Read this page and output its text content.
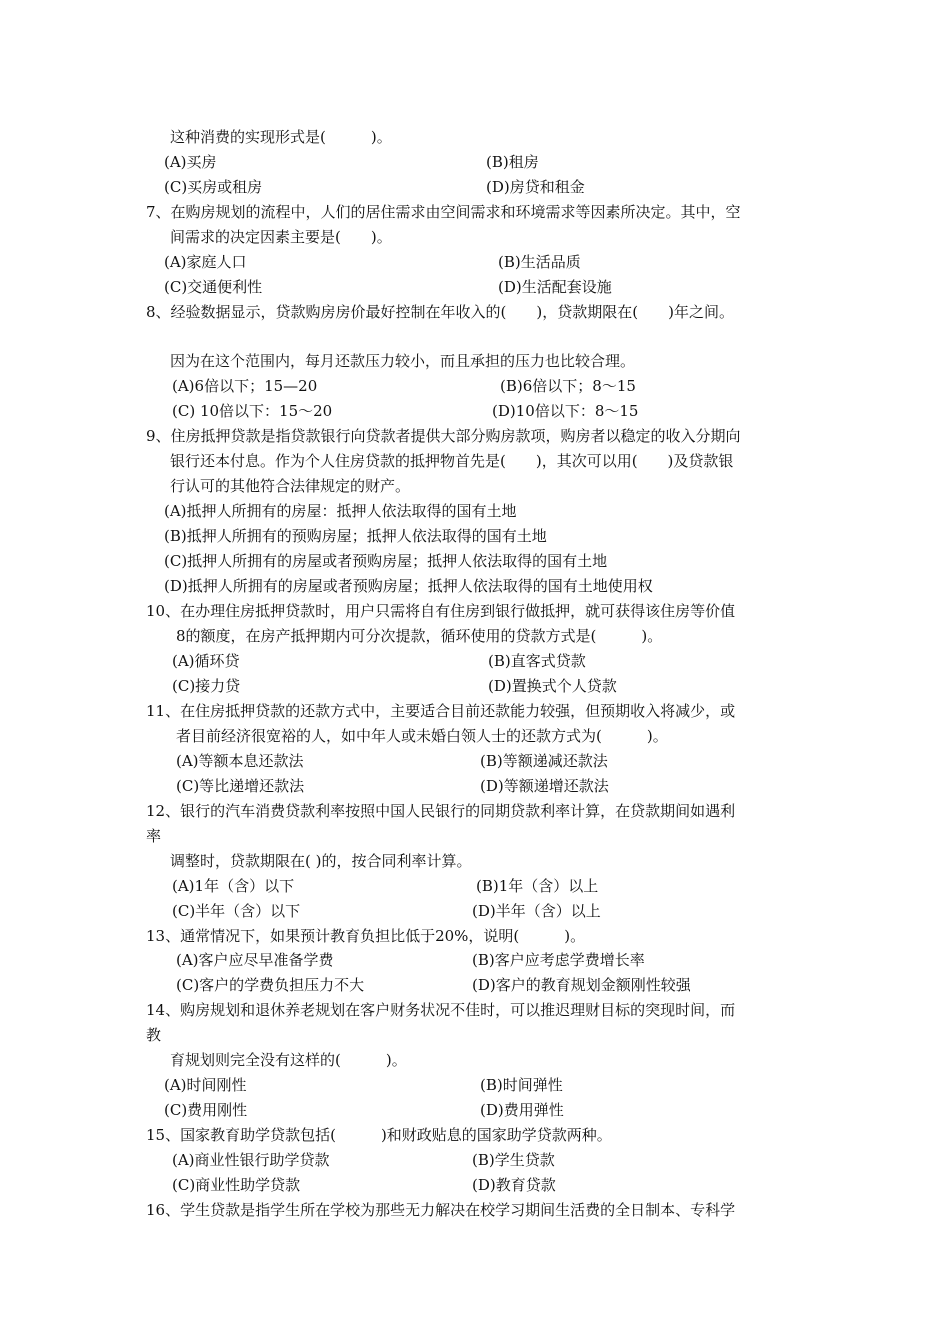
这种消费的实现形式是(　　　)。
(A)买房	(B)租房
(C)买房或租房	(D)房贷和租金
7、在购房规划的流程中，人们的居住需求由空间需求和环境需求等因素所决定。其中，空
间需求的决定因素主要是(　　)。
(A)家庭人口	(B)生活品质
(C)交通便利性	(D)生活配套设施
8、经验数据显示，贷款购房房价最好控制在年收入的(　　)，贷款期限在(　　)年之间。
因为在这个范围内，每月还款压力较小，而且承担的压力也比较合理。
(A)6倍以下；15—20	(B)6倍以下；8～15
(C) 10倍以下：15～20	(D)10倍以下：8～15
9、住房抵押贷款是指贷款银行向贷款者提供大部分购房款项，购房者以稳定的收入分期向
银行还本付息。作为个人住房贷款的抵押物首先是(　　)，其次可以用(　　)及贷款银
行认可的其他符合法律规定的财产。
(A)抵押人所拥有的房屋：抵押人依法取得的国有土地
(B)抵押人所拥有的预购房屋；抵押人依法取得的国有土地
(C)抵押人所拥有的房屋或者预购房屋；抵押人依法取得的国有土地
(D)抵押人所拥有的房屋或者预购房屋；抵押人依法取得的国有土地使用权
10、在办理住房抵押贷款时，用户只需将自有住房到银行做抵押，就可获得该住房等价值
8的额度，在房产抵押期内可分次提款，循环使用的贷款方式是(　　　)。
(A)循环贷	(B)直客式贷款
(C)接力贷	(D)置换式个人贷款
11、在住房抵押贷款的还款方式中，主要适合目前还款能力较强，但预期收入将减少，或
者目前经济很宽裕的人，如中年人或未婚白领人士的还款方式为(　　　)。
(A)等额本息还款法	(B)等额递减还款法
(C)等比递增还款法	(D)等额递增还款法
12、银行的汽车消费贷款利率按照中国人民银行的同期贷款利率计算，在贷款期间如遇利
率
调整时，贷款期限在( )的，按合同利率计算。
(A)1年（含）以下	(B)1年（含）以上
(C)半年（含）以下	(D)半年（含）以上
13、通常情况下，如果预计教育负担比低于20%，说明(　　　)。
(A)客户应尽早准备学费	(B)客户应考虑学费增长率
(C)客户的学费负担压力不大	(D)客户的教育规划金额刚性较强
14、购房规划和退休养老规划在客户财务状况不佳时，可以推迟理财目标的突现时间，而
教
育规划则完全没有这样的(　　　)。
(A)时间刚性	(B)时间弹性
(C)费用刚性	(D)费用弹性
15、国家教育助学贷款包括(　　　)和财政贴息的国家助学贷款两种。
(A)商业性银行助学贷款	(B)学生贷款
(C)商业性助学贷款	(D)教育贷款
16、学生贷款是指学生所在学校为那些无力解决在校学习期间生活费的全日制本、专科学
